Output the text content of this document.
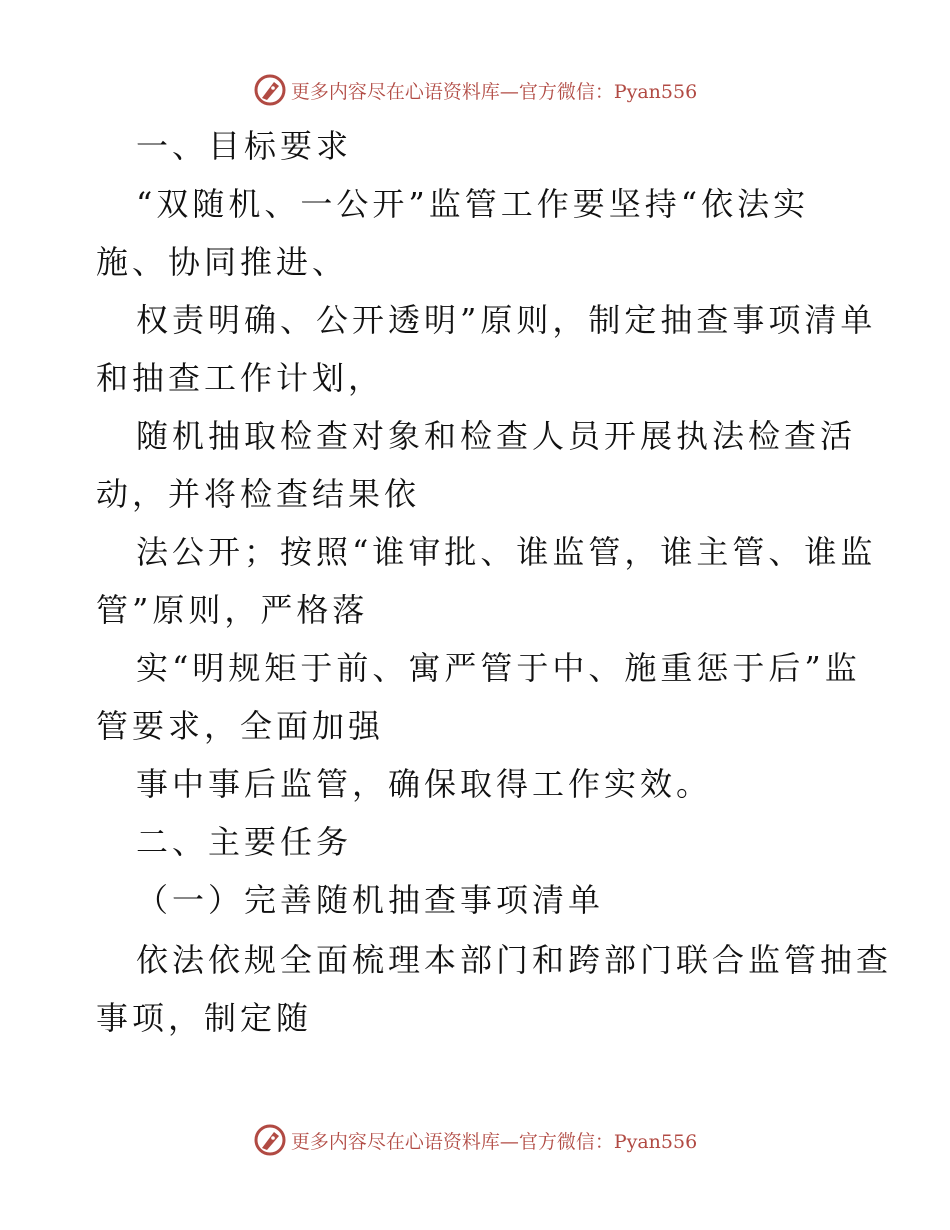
更多内容尽在心语资料库—官方微信：Pyan556
一、目标要求
“双随机、一公开”监管工作要坚持“依法实
施、协同推进、
权责明确、公开透明”原则，制定抽查事项清单
和抽查工作计划，
随机抽取检查对象和检查人员开展执法检查活
动，并将检查结果依
法公开；按照“谁审批、谁监管，谁主管、谁监
管”原则，严格落
实“明规矩于前、寓严管于中、施重惩于后”监
管要求，全面加强
事中事后监管，确保取得工作实效。
二、主要任务
（一）完善随机抽查事项清单
依法依规全面梳理本部门和跨部门联合监管抽查
事项，制定随
更多内容尽在心语资料库—官方微信：Pyan556
